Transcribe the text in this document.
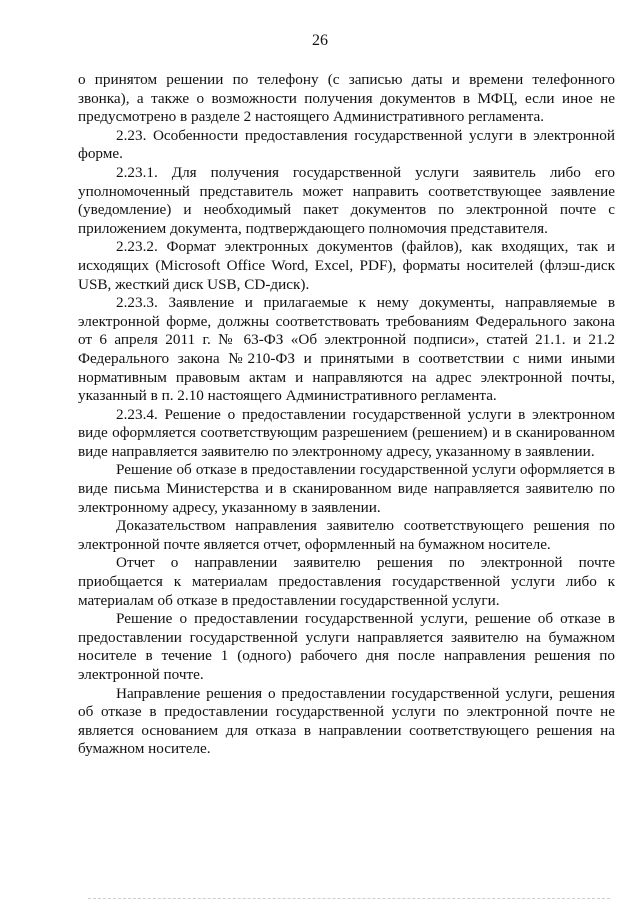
26

о принятом решении по телефону (с записью даты и времени телефонного звонка), а также о возможности получения документов в МФЦ, если иное не предусмотрено в разделе 2 настоящего Административного регламента.

2.23. Особенности предоставления государственной услуги в электронной форме.

2.23.1. Для получения государственной услуги заявитель либо его уполномоченный представитель может направить соответствующее заявление (уведомление) и необходимый пакет документов по электронной почте с приложением документа, подтверждающего полномочия представителя.

2.23.2. Формат электронных документов (файлов), как входящих, так и исходящих (Microsoft Office Word, Excel, PDF), форматы носителей (флэш-диск USB, жесткий диск USB, CD-диск).

2.23.3. Заявление и прилагаемые к нему документы, направляемые в электронной форме, должны соответствовать требованиям Федерального закона от 6 апреля 2011 г. № 63-ФЗ «Об электронной подписи», статей 21.1. и 21.2 Федерального закона №210-ФЗ и принятыми в соответствии с ними иными нормативным правовым актам и направляются на адрес электронной почты, указанный в п. 2.10 настоящего Административного регламента.

2.23.4. Решение о предоставлении государственной услуги в электронном виде оформляется соответствующим разрешением (решением) и в сканированном виде направляется заявителю по электронному адресу, указанному в заявлении.

Решение об отказе в предоставлении государственной услуги оформляется в виде письма Министерства и в сканированном виде направляется заявителю по электронному адресу, указанному в заявлении.

Доказательством направления заявителю соответствующего решения по электронной почте является отчет, оформленный на бумажном носителе.

Отчет о направлении заявителю решения по электронной почте приобщается к материалам предоставления государственной услуги либо к материалам об отказе в предоставлении государственной услуги.

Решение о предоставлении государственной услуги, решение об отказе в предоставлении государственной услуги направляется заявителю на бумажном носителе в течение 1 (одного) рабочего дня после направления решения по электронной почте.

Направление решения о предоставлении государственной услуги, решения об отказе в предоставлении государственной услуги по электронной почте не является основанием для отказа в направлении соответствующего решения на бумажном носителе.
